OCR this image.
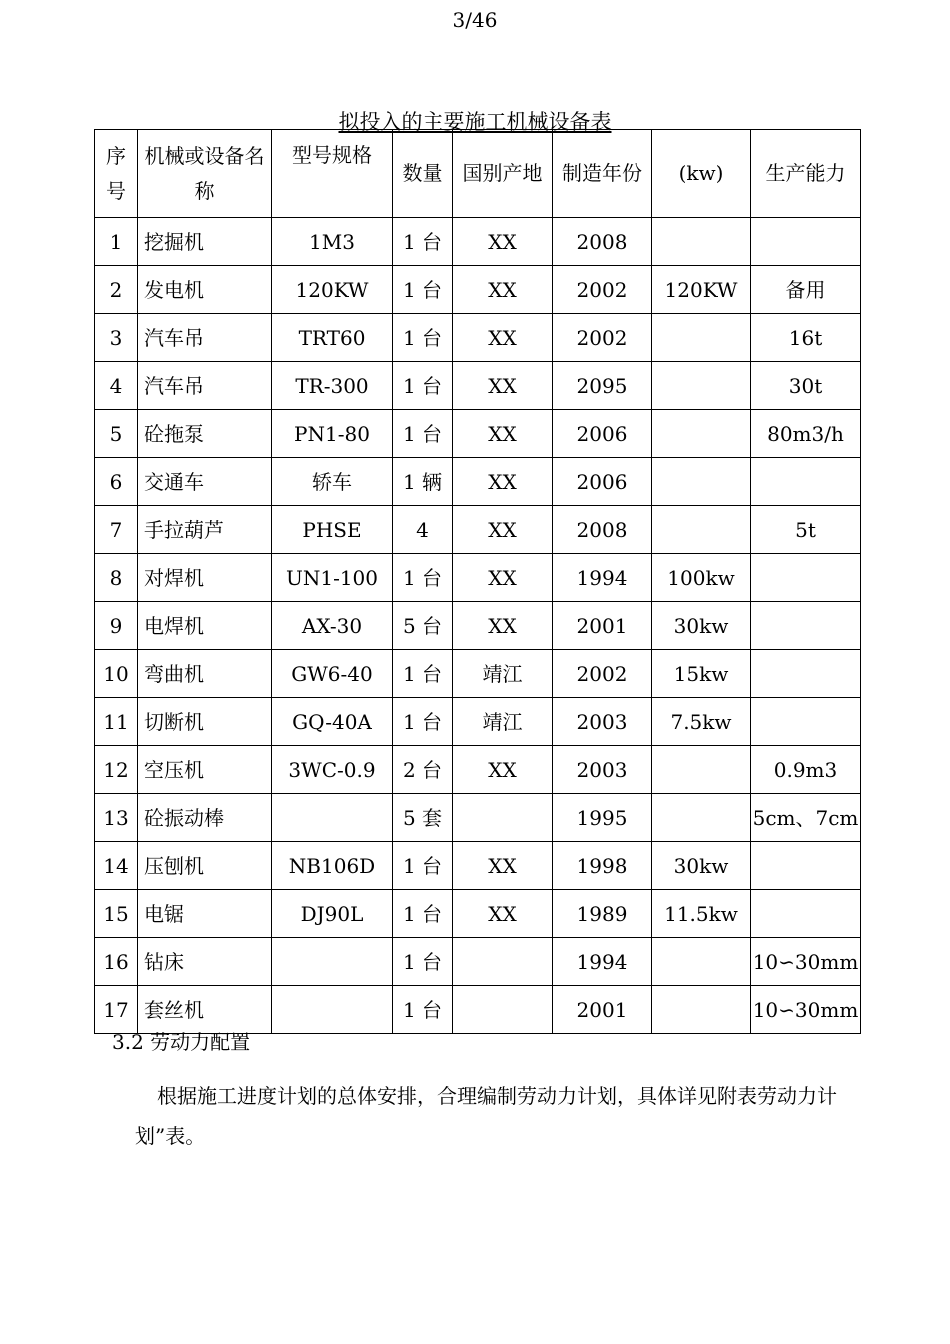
3/46
拟投入的主要施工机械设备表
序号	机械或设备名称	型号规格	数量	国别产地	制造年份	(kw)	生产能力
1	挖掘机	1M3	1 台	XX	2008		
2	发电机	120KW	1 台	XX	2002	120KW	备用
3	汽车吊	TRT60	1 台	XX	2002		16t
4	汽车吊	TR-300	1 台	XX	2095		30t
5	砼拖泵	PN1-80	1 台	XX	2006		80m3/h
6	交通车	轿车	1 辆	XX	2006		
7	手拉葫芦	PHSE	4	XX	2008		5t
8	对焊机	UN1-100	1 台	XX	1994	100kw	
9	电焊机	AX-30	5 台	XX	2001	30kw	
10	弯曲机	GW6-40	1 台	靖江	2002	15kw	
11	切断机	GQ-40A	1 台	靖江	2003	7.5kw	
12	空压机	3WC-0.9	2 台	XX	2003		0.9m3
13	砼振动棒		5 套		1995		5cm、7cm
14	压刨机	NB106D	1 台	XX	1998	30kw	
15	电锯	DJ90L	1 台	XX	1989	11.5kw	
16	钻床		1 台		1994		10∽30mm
17	套丝机		1 台		2001		10∽30mm
3.2 劳动力配置
根据施工进度计划的总体安排，合理编制劳动力计划，具体详见附表劳动力计划”表。
